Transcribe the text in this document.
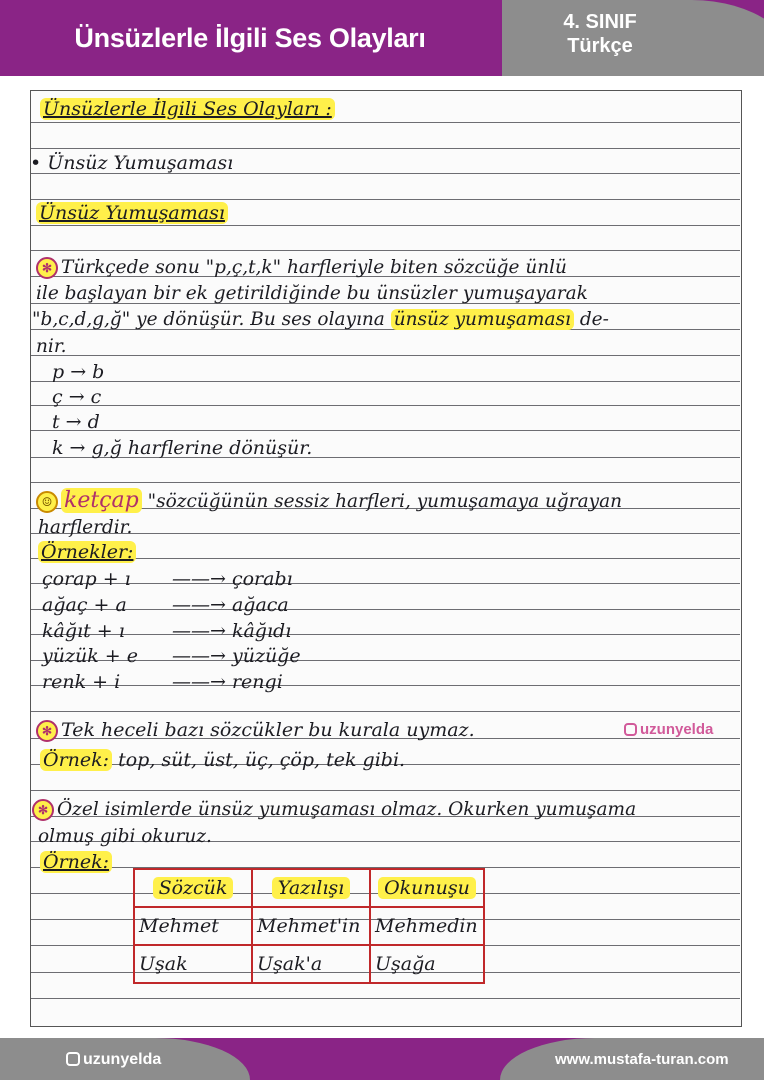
Ünsüzlerle İlgili Ses Olayları
4. SINIF
Türkçe
Ünsüzlerle İlgili Ses Olayları :
• Ünsüz Yumuşaması
Ünsüz Yumuşaması
✻ Türkçede sonu "p,ç,t,k" harfleriyle biten sözcüğe ünlü
ile başlayan bir ek getirildiğinde bu ünsüzler yumuşayarak
"b,c,d,g,ğ" ye dönüşür. Bu ses olayına ünsüz yumuşaması de-
nir.
p → b
ç → c
t → d
k → g,ğ harflerine dönüşür.
☺ ketçap "sözcüğünün sessiz harfleri, yumuşamaya uğrayan
harflerdir.
Örnekler:
çorap + ı ——→ çorabı
ağaç + a ——→ ağaca
kâğıt + ı ——→ kâğıdı
yüzük + e ——→ yüzüğe
renk + i	——→ rengi
uzunyelda
✻ Tek heceli bazı sözcükler bu kurala uymaz.
Örnek: top, süt, üst, üç, çöp, tek gibi.
✻ Özel isimlerde ünsüz yumuşaması olmaz. Okurken yumuşama
olmuş gibi okuruz.
Örnek:
Sözcük	Yazılışı	Okunuşu
Mehmet	Mehmet'in	Mehmedin
Uşak	Uşak'a	Uşağa
uzunyelda	www.mustafa-turan.com
